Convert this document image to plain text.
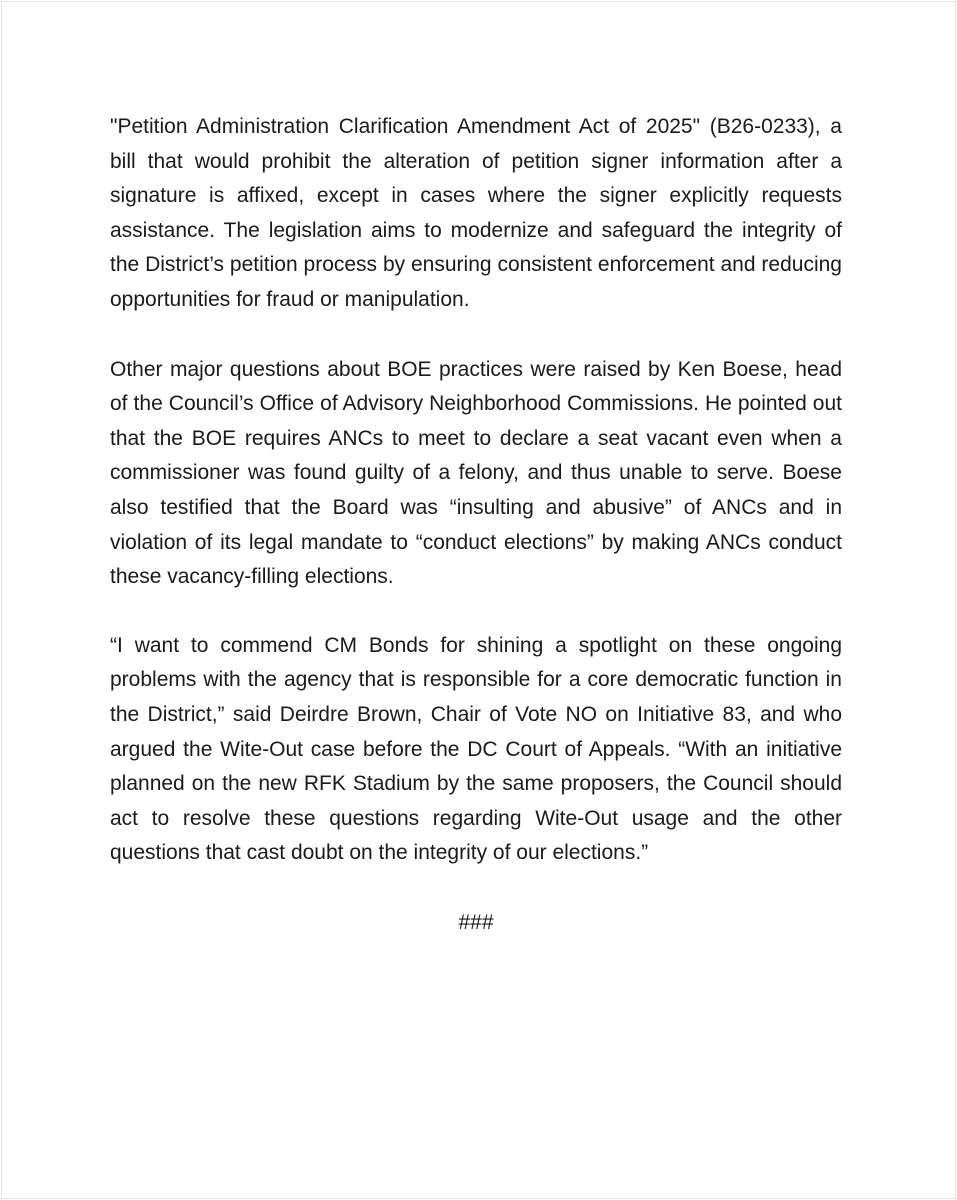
"Petition Administration Clarification Amendment Act of 2025" (B26-0233), a bill that would prohibit the alteration of petition signer information after a signature is affixed, except in cases where the signer explicitly requests assistance. The legislation aims to modernize and safeguard the integrity of the District’s petition process by ensuring consistent enforcement and reducing opportunities for fraud or manipulation.

Other major questions about BOE practices were raised by Ken Boese, head of the Council’s Office of Advisory Neighborhood Commissions. He pointed out that the BOE requires ANCs to meet to declare a seat vacant even when a commissioner was found guilty of a felony, and thus unable to serve. Boese also testified that the Board was “insulting and abusive” of ANCs and in violation of its legal mandate to “conduct elections” by making ANCs conduct these vacancy-filling elections.

“I want to commend CM Bonds for shining a spotlight on these ongoing problems with the agency that is responsible for a core democratic function in the District,” said Deirdre Brown, Chair of Vote NO on Initiative 83, and who argued the Wite-Out case before the DC Court of Appeals. “With an initiative planned on the new RFK Stadium by the same proposers, the Council should act to resolve these questions regarding Wite-Out usage and the other questions that cast doubt on the integrity of our elections.”

###
